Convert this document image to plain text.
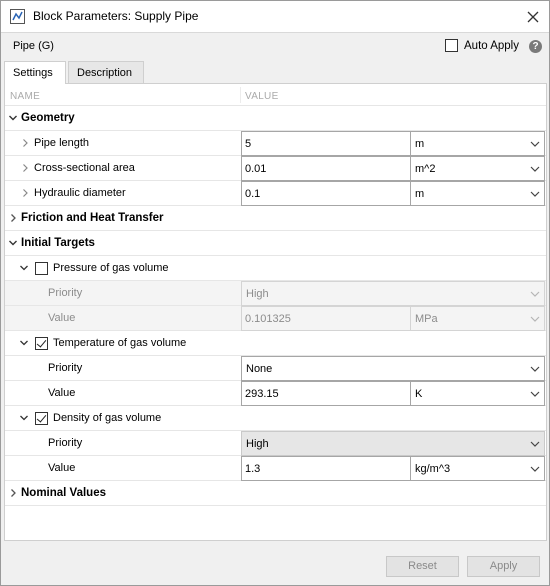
Block Parameters: Supply Pipe
Pipe (G)	Auto Apply	?
Settings	Description
NAME	VALUE
Geometry
Pipe length	5	m
Cross-sectional area	0.01	m^2
Hydraulic diameter	0.1	m
Friction and Heat Transfer
Initial Targets
Pressure of gas volume
Priority	High
Value	0.101325	MPa
Temperature of gas volume
Priority	None
Value	293.15	K
Density of gas volume
Priority	High
Value	1.3	kg/m^3
Nominal Values
Reset	Apply
